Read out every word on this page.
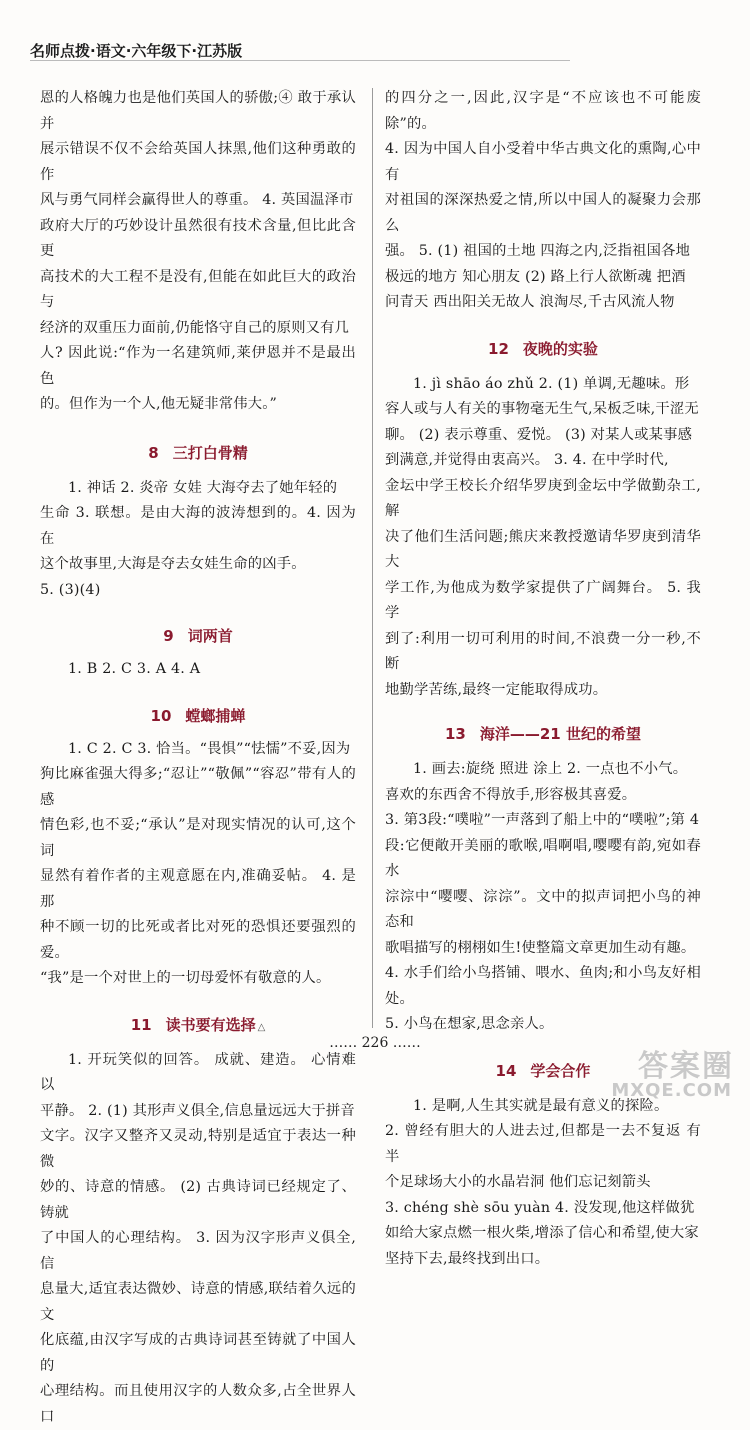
名师点拨·语文·六年级下·江苏版

恩的人格魄力也是他们英国人的骄傲;④ 敢于承认并

展示错误不仅不会给英国人抹黑,他们这种勇敢的作

风与勇气同样会赢得世人的尊重。 4. 英国温泽市

政府大厅的巧妙设计虽然很有技术含量,但比此含更

高技术的大工程不是没有,但能在如此巨大的政治与

经济的双重压力面前,仍能恪守自己的原则又有几

人? 因此说:“作为一名建筑师,莱伊恩并不是最出色

的。但作为一个人,他无疑非常伟大。”

8 三打白骨精

1. 神话 2. 炎帝 女娃 大海夺去了她年轻的

生命 3. 联想。是由大海的波涛想到的。4. 因为在

这个故事里,大海是夺去女娃生命的凶手。

5. (3)(4)

9 词两首

1. B 2. C 3. A 4. A

10 螳螂捕蝉

1. C 2. C 3. 恰当。“畏惧”“怯懦”不妥,因为

狗比麻雀强大得多;“忍让”“敬佩”“容忍”带有人的感

情色彩,也不妥;“承认”是对现实情况的认可,这个词

显然有着作者的主观意愿在内,准确妥帖。 4. 是那

种不顾一切的比死或者比对死的恐惧还要强烈的爱。

“我”是一个对世上的一切母爱怀有敬意的人。

11 读书要有选择 △

1. 开玩笑似的回答。 成就、建造。 心情难以

平静。 2. (1) 其形声义俱全,信息量远远大于拼音

文字。汉字又整齐又灵动,特别是适宜于表达一种微

妙的、诗意的情感。 (2) 古典诗词已经规定了、铸就

了中国人的心理结构。 3. 因为汉字形声义俱全,信

息量大,适宜表达微妙、诗意的情感,联结着久远的文

化底蕴,由汉字写成的古典诗词甚至铸就了中国人的

心理结构。而且使用汉字的人数众多,占全世界人口

的四分之一,因此,汉字是“不应该也不可能废除”的。

4. 因为中国人自小受着中华古典文化的熏陶,心中有

对祖国的深深热爱之情,所以中国人的凝聚力会那么

强。 5. (1) 祖国的土地 四海之内,泛指祖国各地

极远的地方 知心朋友 (2) 路上行人欲断魂 把酒

问青天 西出阳关无故人 浪淘尽,千古风流人物

12 夜晚的实验

1. jì shāo áo zhǔ 2. (1) 单调,无趣味。形

容人或与人有关的事物毫无生气,呆板乏味,干涩无

聊。 (2) 表示尊重、爱悦。 (3) 对某人或某事感

到满意,并觉得由衷高兴。 3. 4. 在中学时代,

金坛中学王校长介绍华罗庚到金坛中学做勤杂工,解

决了他们生活问题;熊庆来教授邀请华罗庚到清华大

学工作,为他成为数学家提供了广阔舞台。 5. 我学

到了:利用一切可利用的时间,不浪费一分一秒,不断

地勤学苦练,最终一定能取得成功。

13 海洋——21 世纪的希望

1. 画去:旋绕 照进 涂上 2. 一点也不小气。

喜欢的东西舍不得放手,形容极其喜爱。

3. 第3段:“噗啦”一声落到了船上中的“噗啦”;第 4

段:它便敞开美丽的歌喉,唱啊唱,嘤嘤有韵,宛如春水

淙淙中“嘤嘤、淙淙”。文中的拟声词把小鸟的神态和

歌唱描写的栩栩如生!使整篇文章更加生动有趣。

4. 水手们给小鸟搭铺、喂水、鱼肉;和小鸟友好相处。

5. 小鸟在想家,思念亲人。

14 学会合作

1. 是啊,人生其实就是最有意义的探险。

2. 曾经有胆大的人进去过,但都是一去不复返 有半

个足球场大小的水晶岩洞 他们忘记刻箭头

3. chéng shè sōu yuàn 4. 没发现,他这样做犹

如给大家点燃一根火柴,增添了信心和希望,使大家

坚持下去,最终找到出口。

…… 226 ……
答案圈
MXQE.COM
